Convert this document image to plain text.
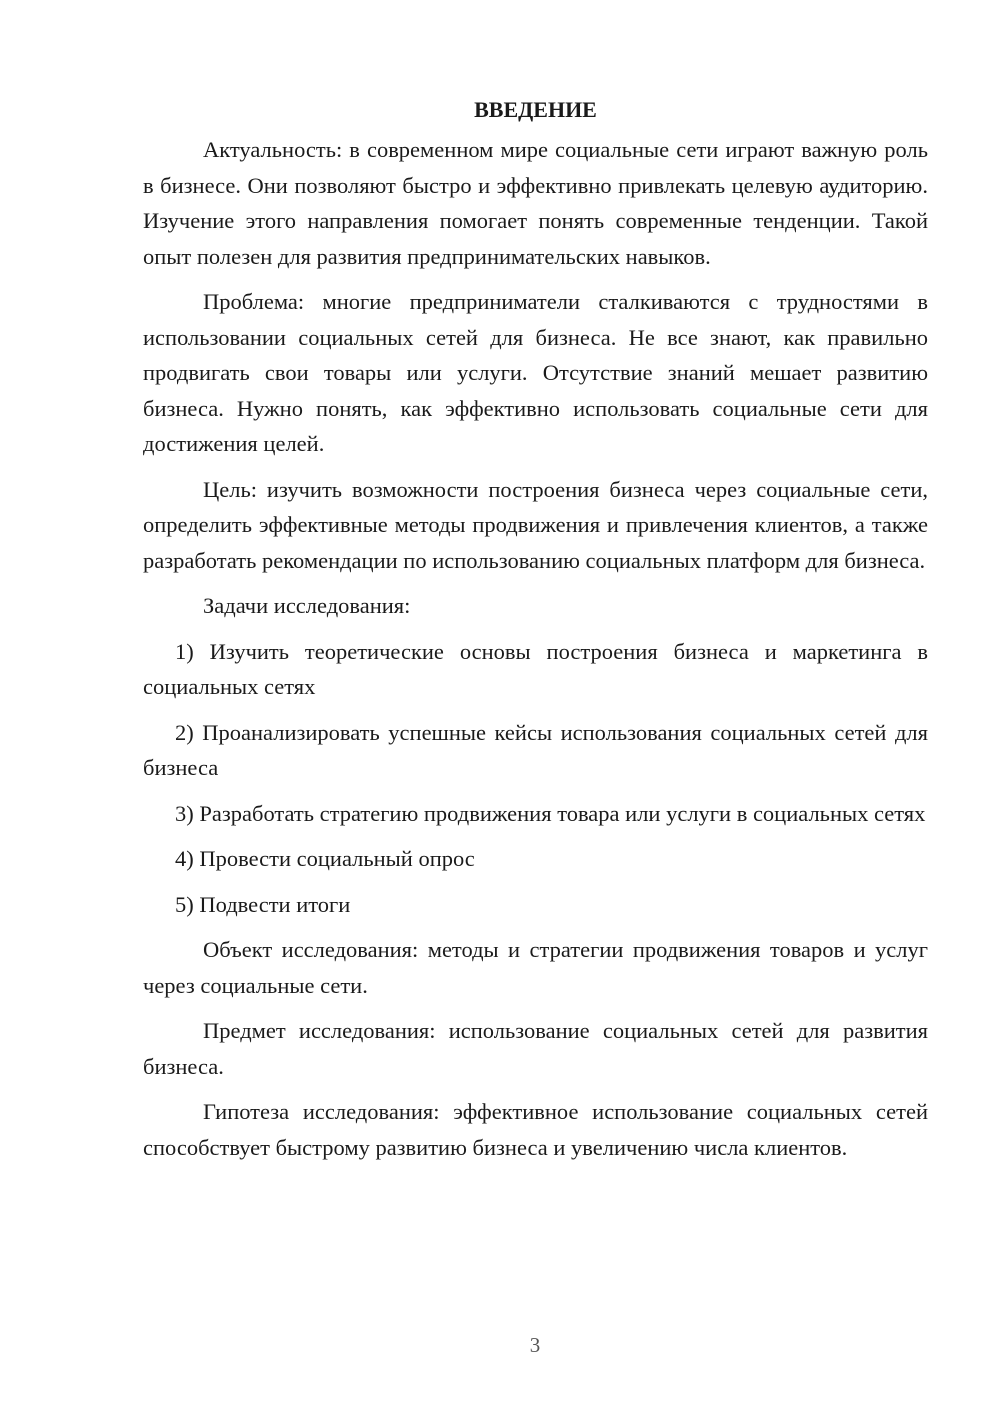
ВВЕДЕНИЕ

Актуальность: в современном мире социальные сети играют важную роль в бизнесе. Они позволяют быстро и эффективно привлекать целевую аудиторию. Изучение этого направления помогает понять современные тенденции. Такой опыт полезен для развития предпринимательских навыков.

Проблема: многие предприниматели сталкиваются с трудностями в использовании социальных сетей для бизнеса. Не все знают, как правильно продвигать свои товары или услуги. Отсутствие знаний мешает развитию бизнеса. Нужно понять, как эффективно использовать социальные сети для достижения целей.

Цель: изучить возможности построения бизнеса через социальные сети, определить эффективные методы продвижения и привлечения клиентов, а также разработать рекомендации по использованию социальных платформ для бизнеса.

Задачи исследования:

1) Изучить теоретические основы построения бизнеса и маркетинга в социальных сетях

2) Проанализировать успешные кейсы использования социальных сетей для бизнеса

3) Разработать стратегию продвижения товара или услуги в социальных сетях

4) Провести социальный опрос

5) Подвести итоги

Объект исследования: методы и стратегии продвижения товаров и услуг через социальные сети.

Предмет исследования: использование социальных сетей для развития бизнеса.

Гипотеза исследования: эффективное использование социальных сетей способствует быстрому развитию бизнеса и увеличению числа клиентов.

3
